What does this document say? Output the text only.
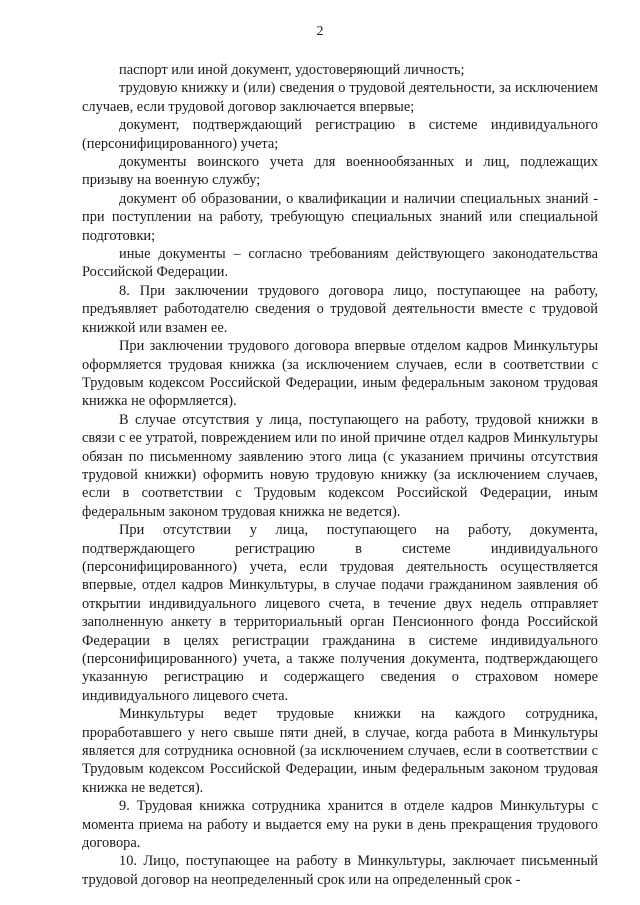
2

паспорт или иной документ, удостоверяющий личность;

трудовую книжку и (или) сведения о трудовой деятельности, за исключением случаев, если трудовой договор заключается впервые;

документ, подтверждающий регистрацию в системе индивидуального (персонифицированного) учета;

документы воинского учета для военнообязанных и лиц, подлежащих призыву на военную службу;

документ об образовании, о квалификации и наличии специальных знаний - при поступлении на работу, требующую специальных знаний или специальной подготовки;

иные документы – согласно требованиям действующего законодательства Российской Федерации.

8. При заключении трудового договора лицо, поступающее на работу, предъявляет работодателю сведения о трудовой деятельности вместе с трудовой книжкой или взамен ее.

При заключении трудового договора впервые отделом кадров Минкультуры оформляется трудовая книжка (за исключением случаев, если в соответствии с Трудовым кодексом Российской Федерации, иным федеральным законом трудовая книжка не оформляется).

В случае отсутствия у лица, поступающего на работу, трудовой книжки в связи с ее утратой, повреждением или по иной причине отдел кадров Минкультуры обязан по письменному заявлению этого лица (с указанием причины отсутствия трудовой книжки) оформить новую трудовую книжку (за исключением случаев, если в соответствии с Трудовым кодексом Российской Федерации, иным федеральным законом трудовая книжка не ведется).

При отсутствии у лица, поступающего на работу, документа, подтверждающего регистрацию в системе индивидуального (персонифицированного) учета, если трудовая деятельность осуществляется впервые, отдел кадров Минкультуры, в случае подачи гражданином заявления об открытии индивидуального лицевого счета, в течение двух недель отправляет заполненную анкету в территориальный орган Пенсионного фонда Российской Федерации в целях регистрации гражданина в системе индивидуального (персонифицированного) учета, а также получения документа, подтверждающего указанную регистрацию и содержащего сведения о страховом номере индивидуального лицевого счета.

Минкультуры ведет трудовые книжки на каждого сотрудника, проработавшего у него свыше пяти дней, в случае, когда работа в Минкультуры является для сотрудника основной (за исключением случаев, если в соответствии с Трудовым кодексом Российской Федерации, иным федеральным законом трудовая книжка не ведется).

9. Трудовая книжка сотрудника хранится в отделе кадров Минкультуры с момента приема на работу и выдается ему на руки в день прекращения трудового договора.

10. Лицо, поступающее на работу в Минкультуры, заключает письменный трудовой договор на неопределенный срок или на определенный срок -
